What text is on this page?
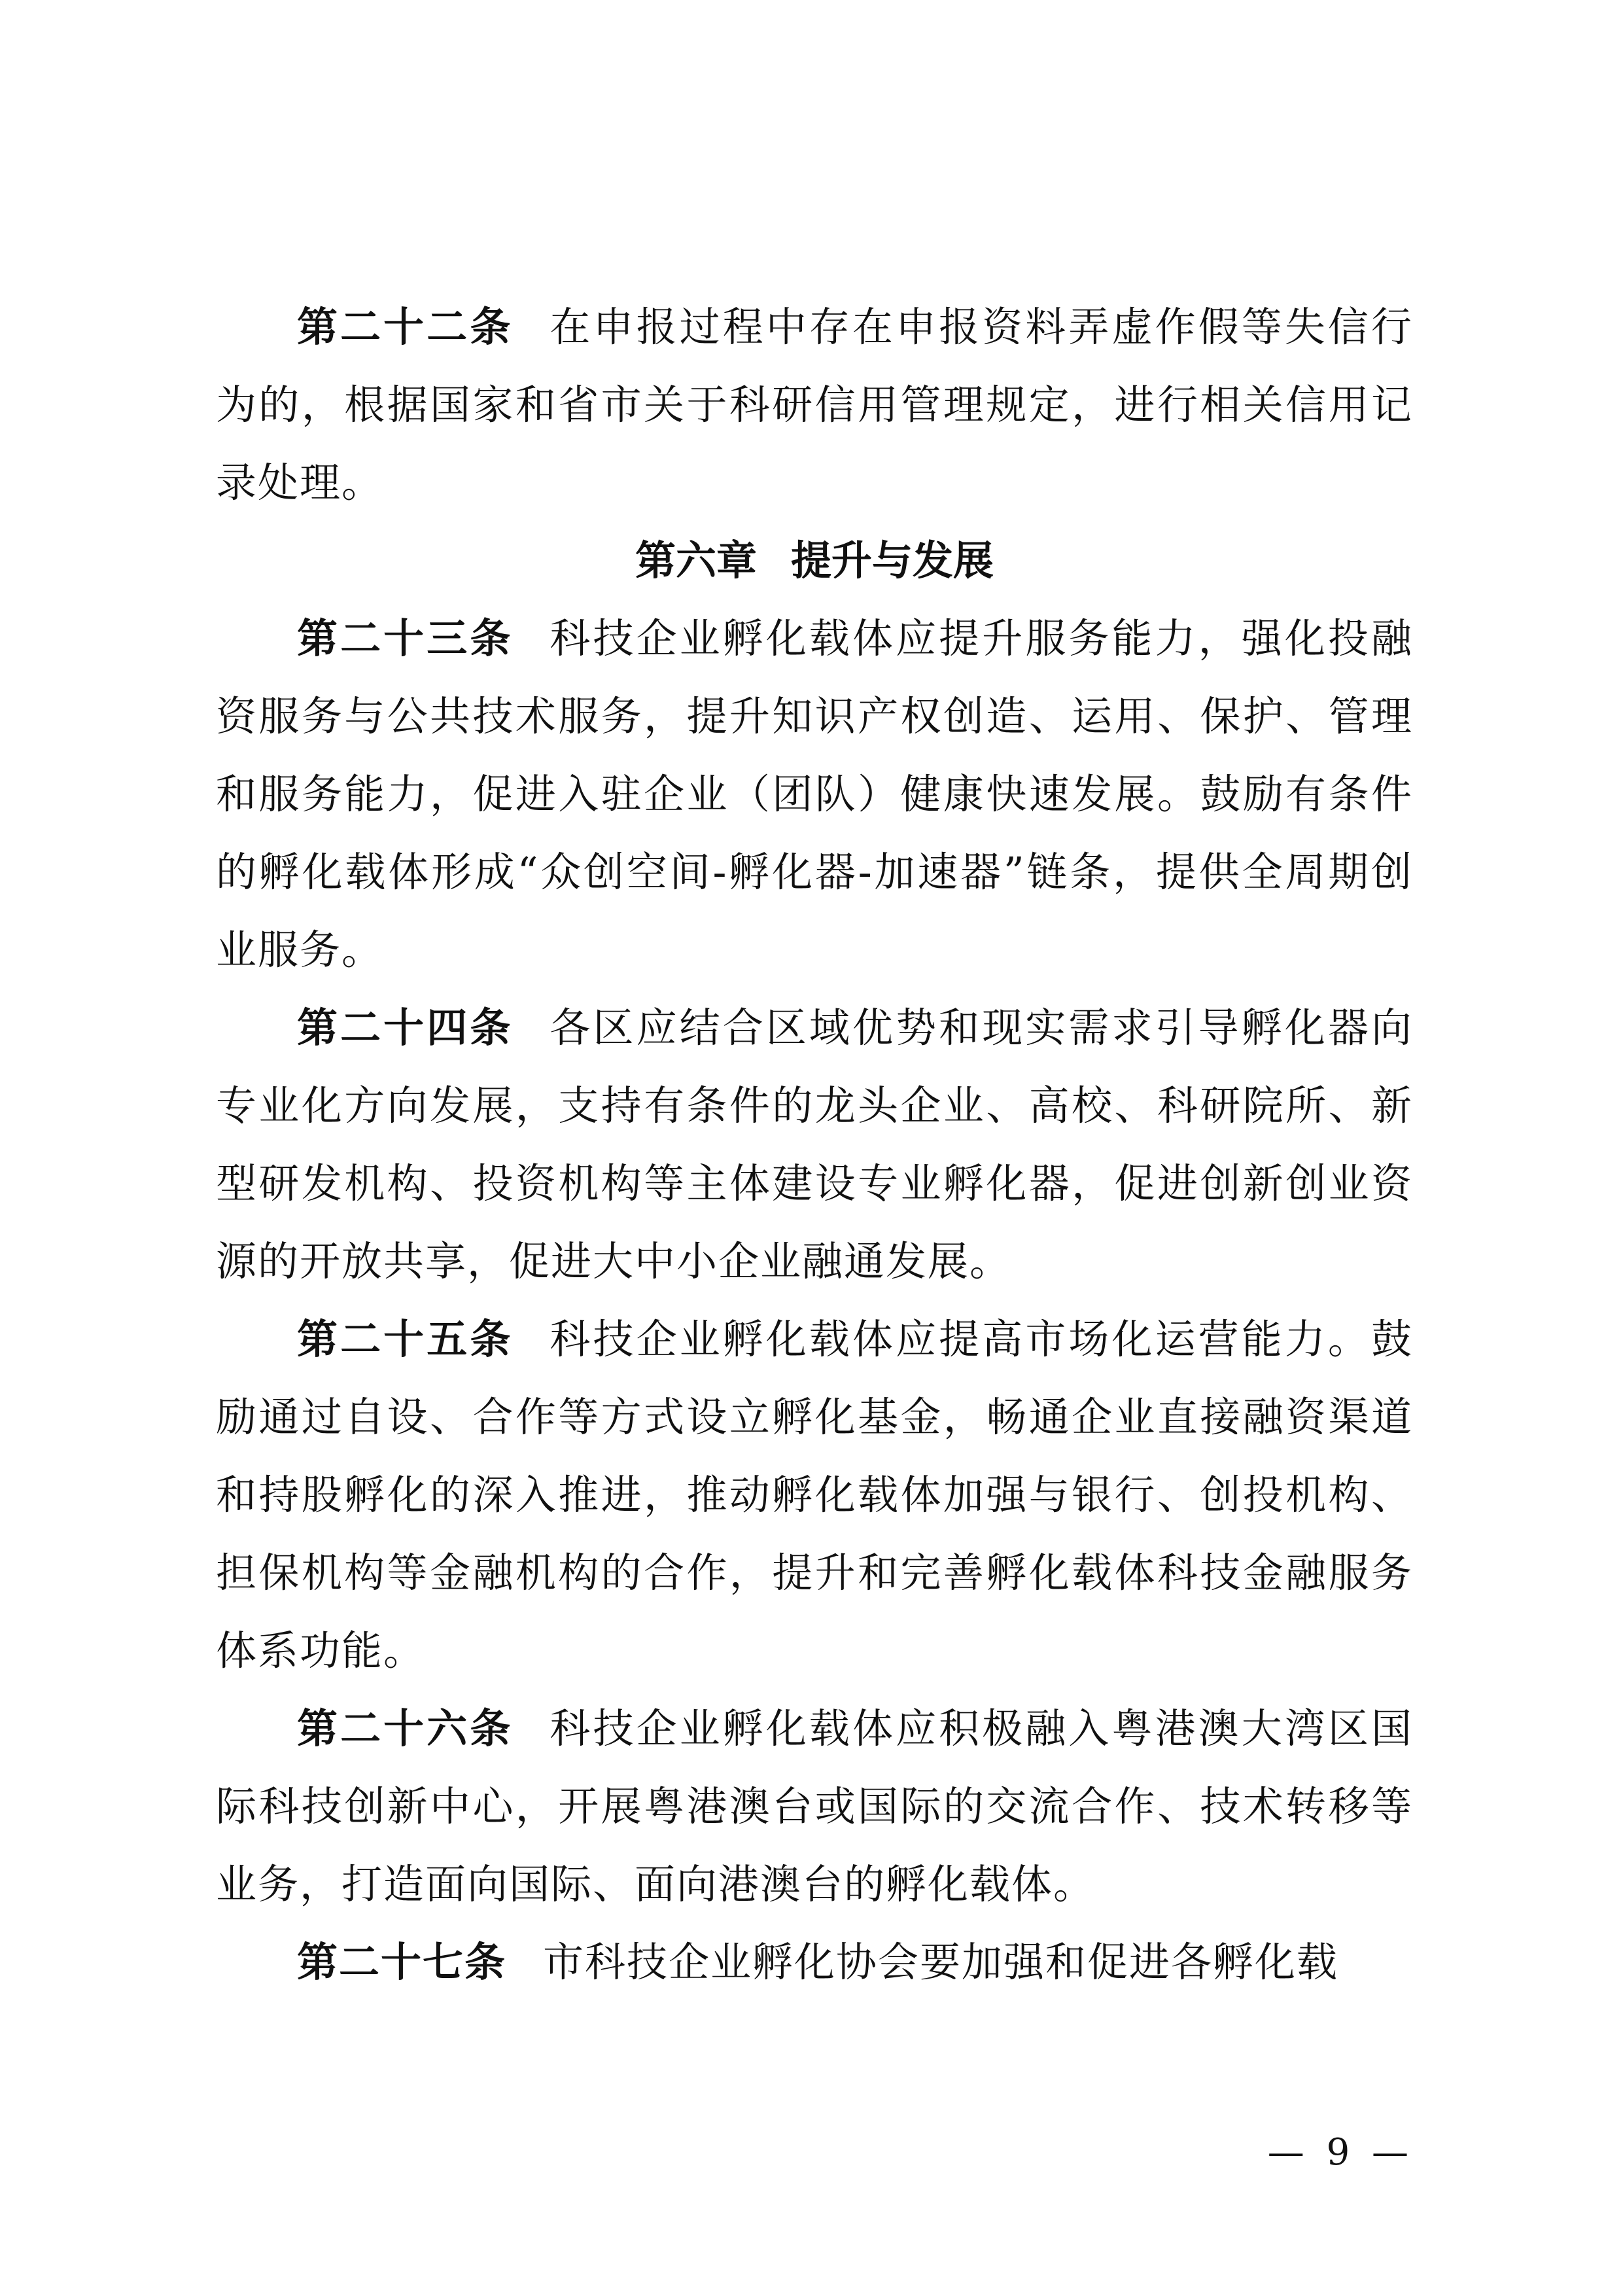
第二十二条 在申报过程中存在申报资料弄虚作假等失信行为的，根据国家和省市关于科研信用管理规定，进行相关信用记录处理。

第六章 提升与发展

第二十三条 科技企业孵化载体应提升服务能力，强化投融资服务与公共技术服务，提升知识产权创造、运用、保护、管理和服务能力，促进入驻企业（团队）健康快速发展。鼓励有条件的孵化载体形成“众创空间-孵化器-加速器”链条，提供全周期创业服务。

第二十四条 各区应结合区域优势和现实需求引导孵化器向专业化方向发展，支持有条件的龙头企业、高校、科研院所、新型研发机构、投资机构等主体建设专业孵化器，促进创新创业资源的开放共享，促进大中小企业融通发展。

第二十五条 科技企业孵化载体应提高市场化运营能力。鼓励通过自设、合作等方式设立孵化基金，畅通企业直接融资渠道和持股孵化的深入推进，推动孵化载体加强与银行、创投机构、担保机构等金融机构的合作，提升和完善孵化载体科技金融服务体系功能。

第二十六条 科技企业孵化载体应积极融入粤港澳大湾区国际科技创新中心，开展粤港澳台或国际的交流合作、技术转移等业务，打造面向国际、面向港澳台的孵化载体。

第二十七条 市科技企业孵化协会要加强和促进各孵化载

— 9 —
